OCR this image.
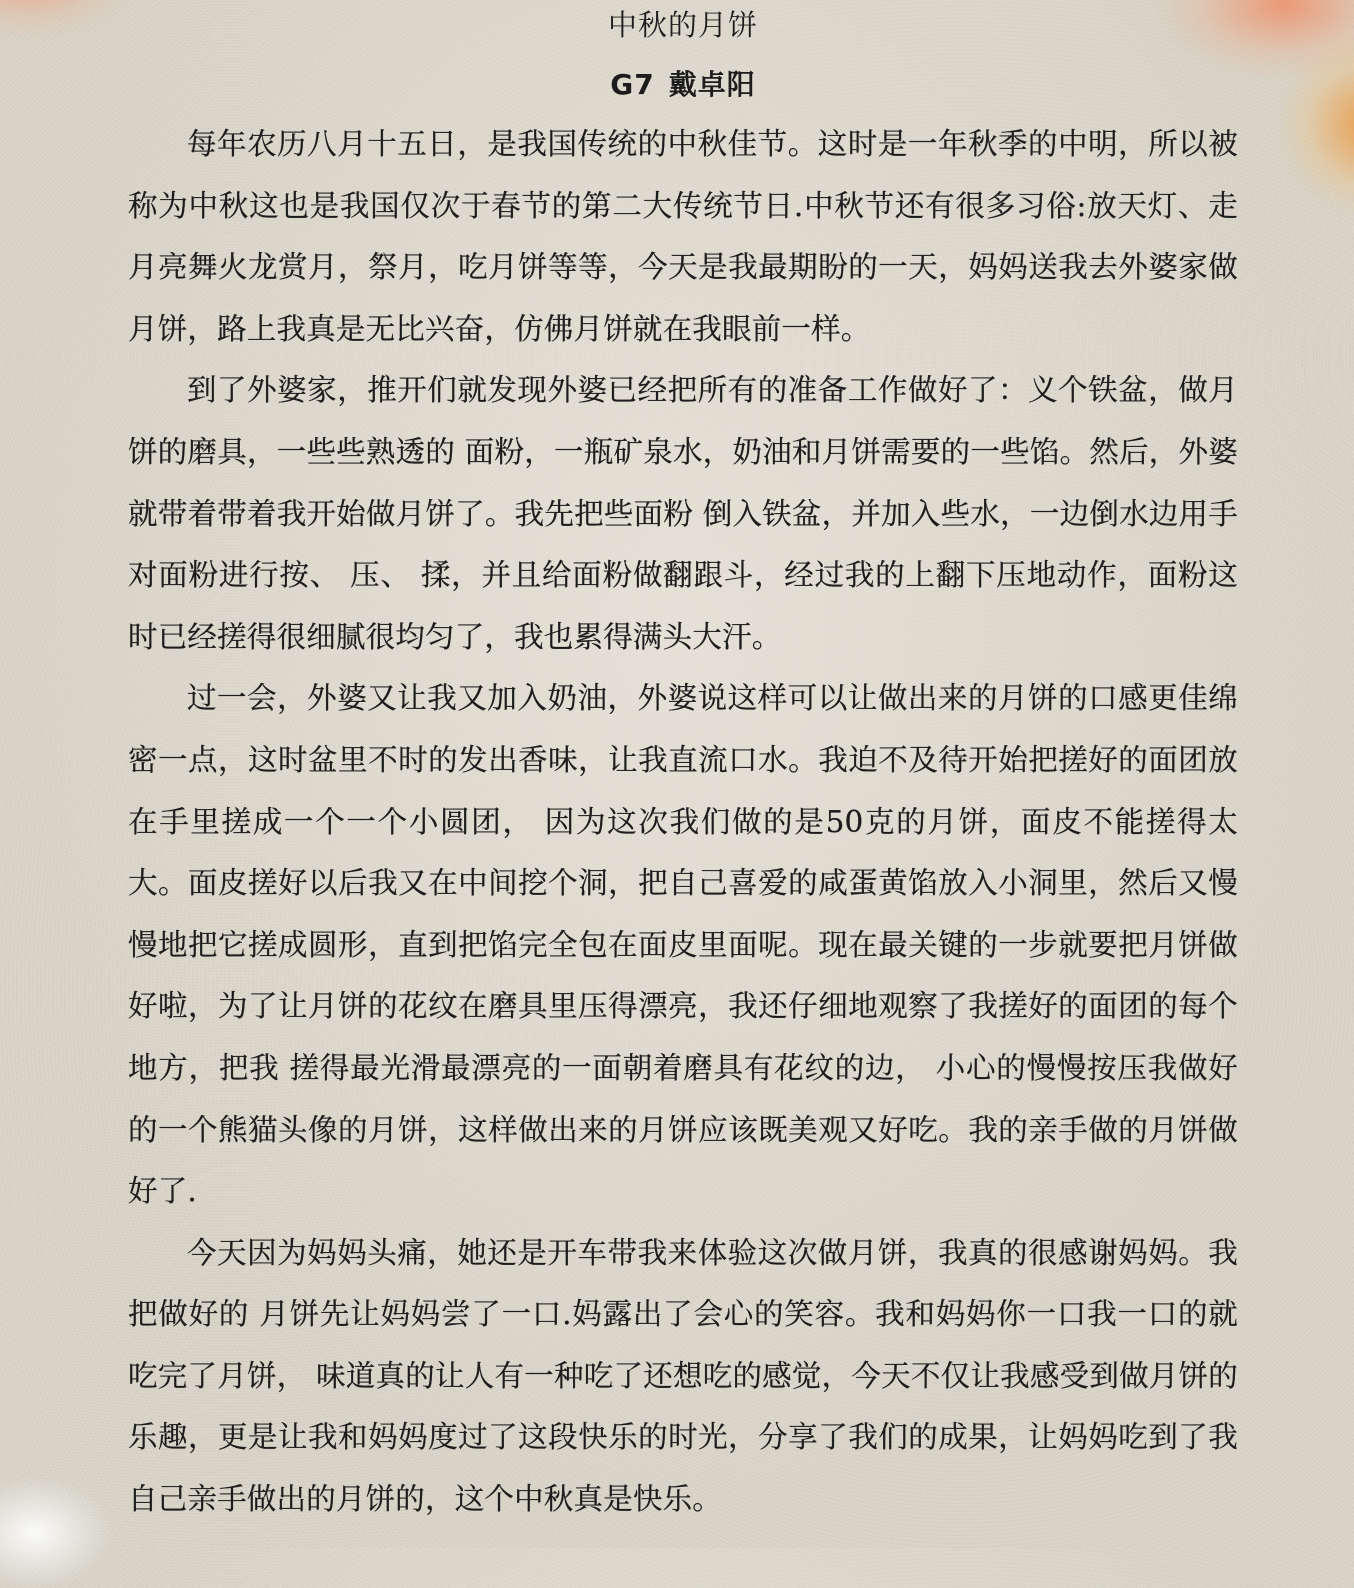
中秋的月饼
G7 戴卓阳

每年农历八月十五日，是我国传统的中秋佳节。这时是一年秋季的中明，所以被称为中秋这也是我国仅次于春节的第二大传统节日.中秋节还有很多习俗:放天灯、走月亮舞火龙赏月，祭月，吃月饼等等，今天是我最期盼的一天，妈妈送我去外婆家做月饼，路上我真是无比兴奋，仿佛月饼就在我眼前一样。

到了外婆家，推开们就发现外婆已经把所有的准备工作做好了：义个铁盆，做月饼的磨具，一些些熟透的 面粉，一瓶矿泉水，奶油和月饼需要的一些馅。然后，外婆就带着带着我开始做月饼了。我先把些面粉 倒入铁盆，并加入些水，一边倒水边用手对面粉进行按、 压、 揉，并且给面粉做翻跟斗，经过我的上翻下压地动作，面粉这时已经搓得很细腻很均匀了，我也累得满头大汗。

过一会，外婆又让我又加入奶油，外婆说这样可以让做出来的月饼的口感更佳绵密一点，这时盆里不时的发出香味，让我直流口水。我迫不及待开始把搓好的面团放在手里搓成一个一个小圆团， 因为这次我们做的是50克的月饼，面皮不能搓得太大。面皮搓好以后我又在中间挖个洞，把自己喜爱的咸蛋黄馅放入小洞里，然后又慢慢地把它搓成圆形，直到把馅完全包在面皮里面呢。现在最关键的一步就要把月饼做好啦，为了让月饼的花纹在磨具里压得漂亮，我还仔细地观察了我搓好的面团的每个地方，把我 搓得最光滑最漂亮的一面朝着磨具有花纹的边， 小心的慢慢按压我做好的一个熊猫头像的月饼，这样做出来的月饼应该既美观又好吃。我的亲手做的月饼做好了.

今天因为妈妈头痛，她还是开车带我来体验这次做月饼，我真的很感谢妈妈。我把做好的 月饼先让妈妈尝了一口.妈露出了会心的笑容。我和妈妈你一口我一口的就吃完了月饼， 味道真的让人有一种吃了还想吃的感觉，今天不仅让我感受到做月饼的乐趣，更是让我和妈妈度过了这段快乐的时光，分享了我们的成果，让妈妈吃到了我自己亲手做出的月饼的，这个中秋真是快乐。
